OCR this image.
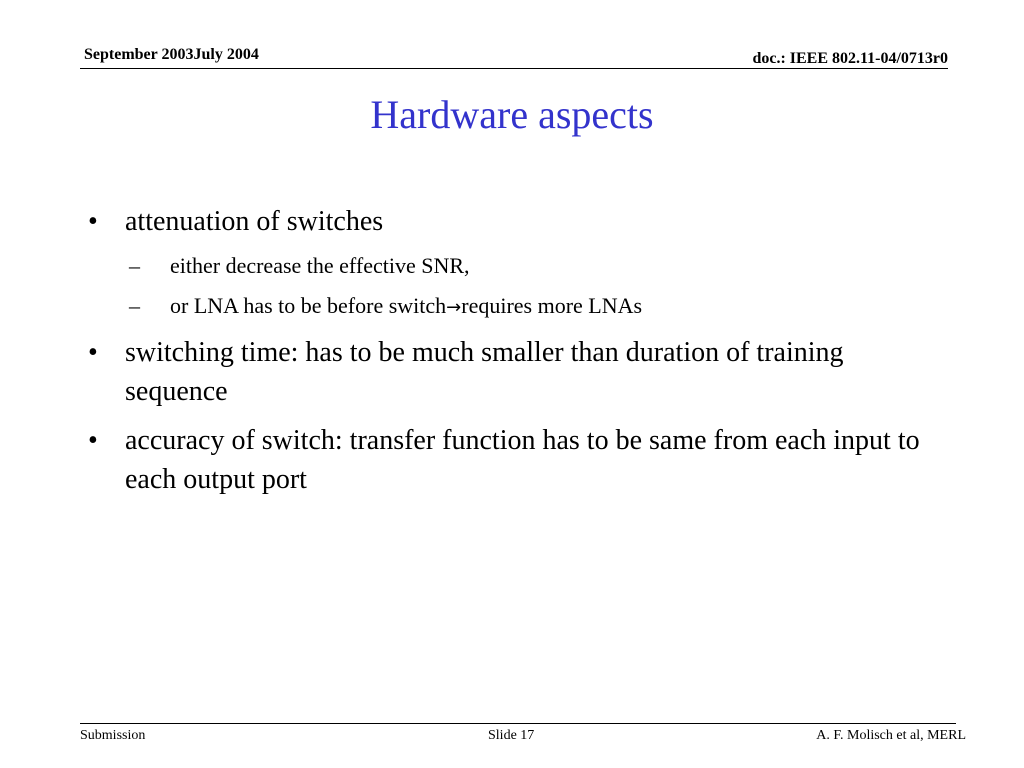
September 2003July 2004	doc.: IEEE 802.11-04/0713r0
Hardware aspects
• attenuation of switches
– either decrease the effective SNR,
– or LNA has to be before switch→requires more LNAs
• switching time: has to be much smaller than duration of training sequence
• accuracy of switch: transfer function has to be same from each input to each output port
Submission	Slide 17	A. F. Molisch et al, MERL
